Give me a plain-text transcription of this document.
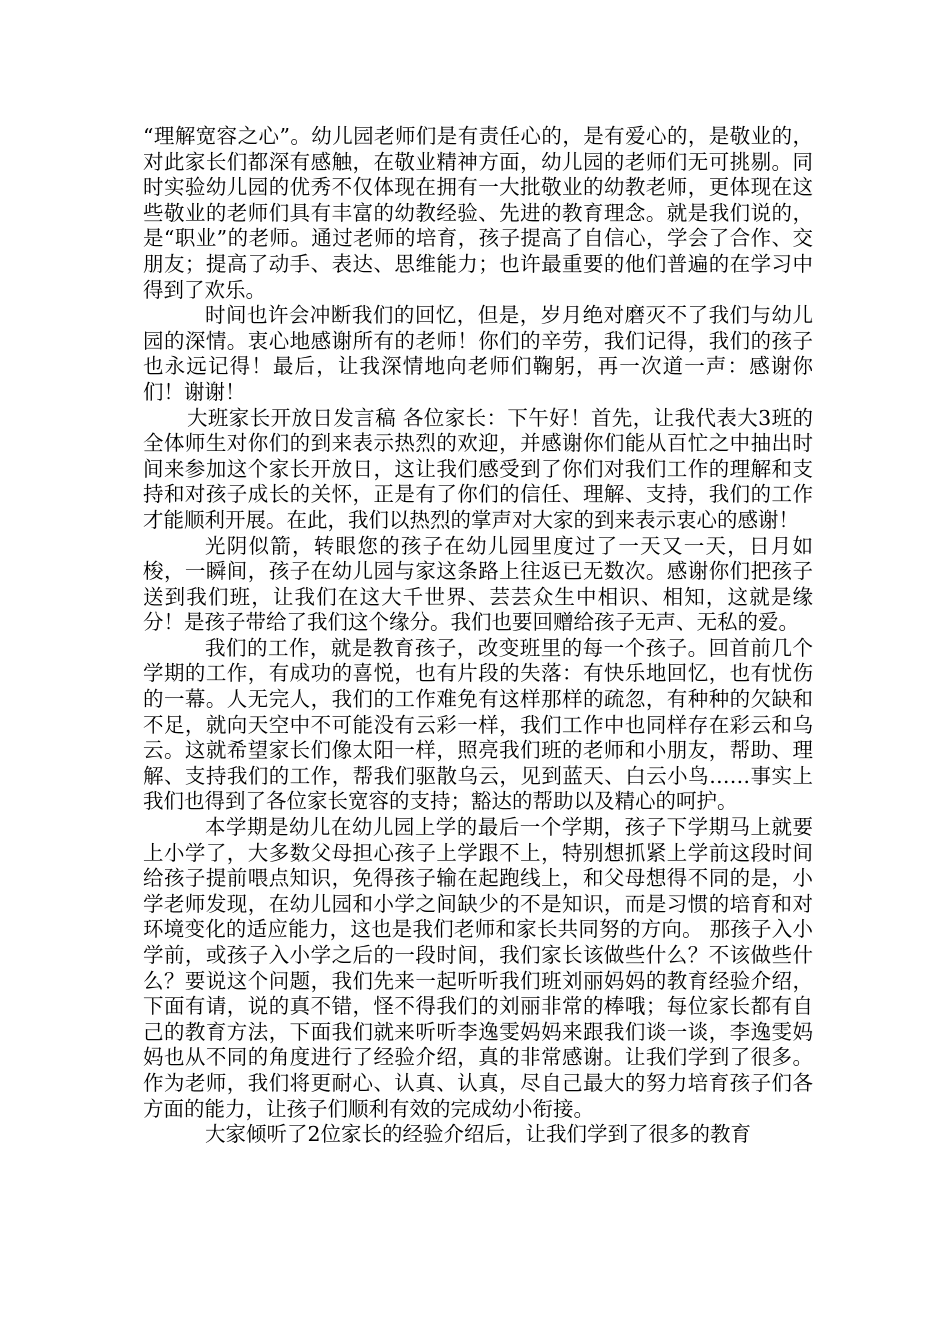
“理解宽容之心”。幼儿园老师们是有责任心的，是有爱心的，是敬业的，对此家长们都深有感触，在敬业精神方面，幼儿园的老师们无可挑剔。同时实验幼儿园的优秀不仅体现在拥有一大批敬业的幼教老师，更体现在这些敬业的老师们具有丰富的幼教经验、先进的教育理念。就是我们说的，是“职业”的老师。通过老师的培育，孩子提高了自信心，学会了合作、交朋友；提高了动手、表达、思维能力；也许最重要的他们普遍的在学习中得到了欢乐。

时间也许会冲断我们的回忆，但是，岁月绝对磨灭不了我们与幼儿园的深情。衷心地感谢所有的老师！你们的辛劳，我们记得，我们的孩子也永远记得！最后，让我深情地向老师们鞠躬，再一次道一声：感谢你们！谢谢！

大班家长开放日发言稿 各位家长：下午好！首先，让我代表大3班的全体师生对你们的到来表示热烈的欢迎，并感谢你们能从百忙之中抽出时间来参加这个家长开放日，这让我们感受到了你们对我们工作的理解和支持和对孩子成长的关怀，正是有了你们的信任、理解、支持，我们的工作才能顺利开展。在此，我们以热烈的掌声对大家的到来表示衷心的感谢！

光阴似箭，转眼您的孩子在幼儿园里度过了一天又一天，日月如梭，一瞬间，孩子在幼儿园与家这条路上往返已无数次。感谢你们把孩子送到我们班，让我们在这大千世界、芸芸众生中相识、相知，这就是缘分！是孩子带给了我们这个缘分。我们也要回赠给孩子无声、无私的爱。

我们的工作，就是教育孩子，改变班里的每一个孩子。回首前几个学期的工作，有成功的喜悦，也有片段的失落：有快乐地回忆，也有忧伤的一幕。人无完人，我们的工作难免有这样那样的疏忽，有种种的欠缺和不足，就向天空中不可能没有云彩一样，我们工作中也同样存在彩云和乌云。这就希望家长们像太阳一样，照亮我们班的老师和小朋友，帮助、理解、支持我们的工作，帮我们驱散乌云，见到蓝天、白云小鸟……事实上我们也得到了各位家长宽容的支持；豁达的帮助以及精心的呵护。

本学期是幼儿在幼儿园上学的最后一个学期，孩子下学期马上就要上小学了，大多数父母担心孩子上学跟不上，特别想抓紧上学前这段时间给孩子提前喂点知识，免得孩子输在起跑线上，和父母想得不同的是，小学老师发现，在幼儿园和小学之间缺少的不是知识，而是习惯的培育和对环境变化的适应能力，这也是我们老师和家长共同努的方向。 那孩子入小学前，或孩子入小学之后的一段时间，我们家长该做些什么？不该做些什么？要说这个问题，我们先来一起听听我们班刘丽妈妈的教育经验介绍，下面有请，说的真不错，怪不得我们的刘丽非常的棒哦；每位家长都有自己的教育方法，下面我们就来听听李逸雯妈妈来跟我们谈一谈，李逸雯妈妈也从不同的角度进行了经验介绍，真的非常感谢。让我们学到了很多。作为老师，我们将更耐心、认真、认真，尽自己最大的努力培育孩子们各方面的能力，让孩子们顺利有效的完成幼小衔接。

大家倾听了2位家长的经验介绍后，让我们学到了很多的教育
